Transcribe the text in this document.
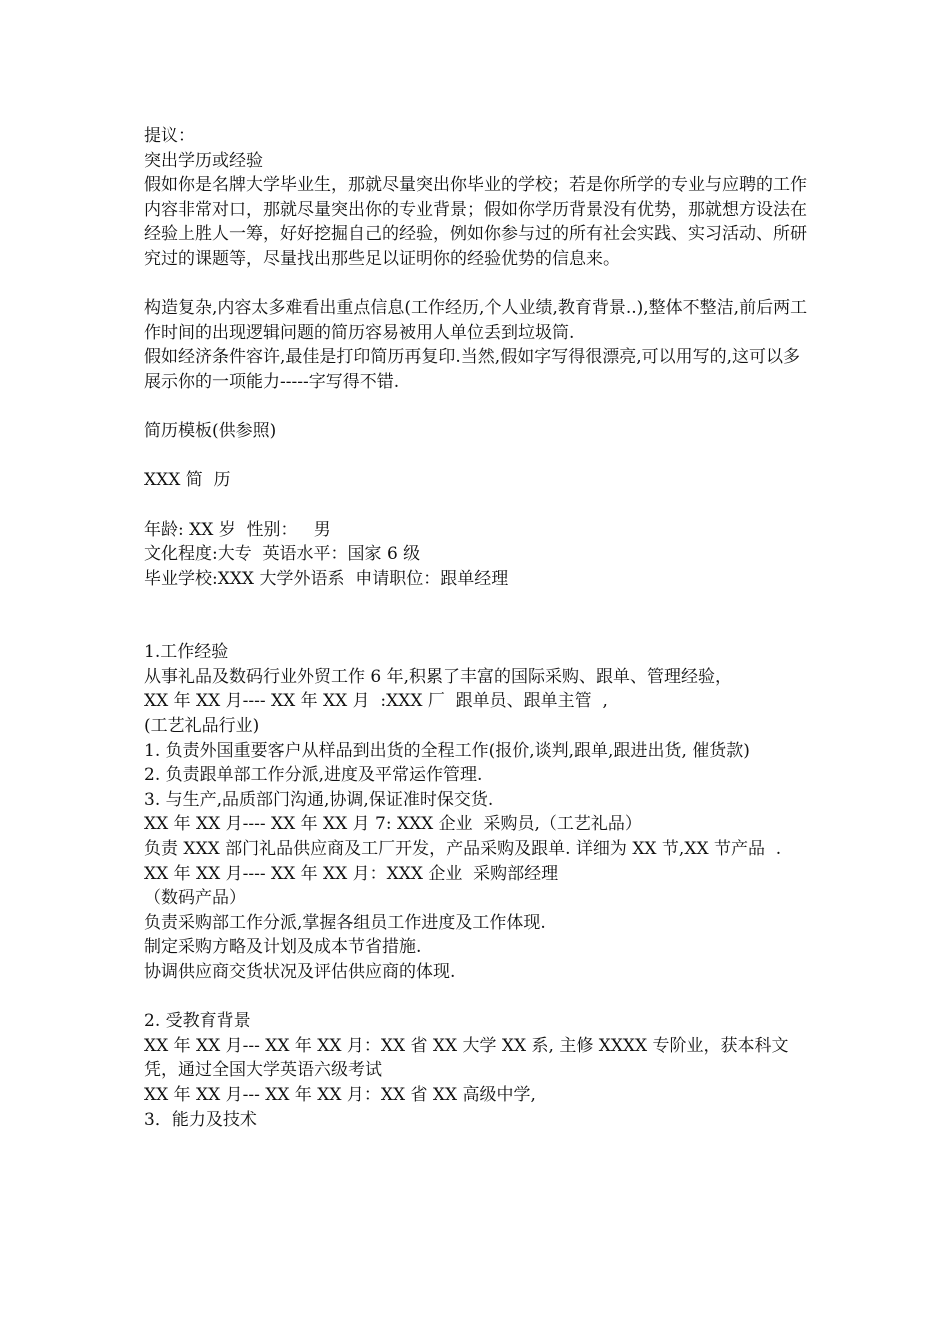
提议：

突出学历或经验

假如你是名牌大学毕业生，那就尽量突出你毕业的学校；若是你所学的专业与应聘的工作内容非常对口，那就尽量突出你的专业背景；假如你学历背景没有优势，那就想方设法在经验上胜人一筹，好好挖掘自己的经验，例如你参与过的所有社会实践、实习活动、所研究过的课题等，尽量找出那些足以证明你的经验优势的信息来。

构造复杂,内容太多难看出重点信息(工作经历,个人业绩,教育背景..),整体不整洁,前后两工作时间的出现逻辑问题的简历容易被用人单位丢到垃圾筒.

假如经济条件容许,最佳是打印简历再复印.当然,假如字写得很漂亮,可以用写的,这可以多展示你的一项能力-----字写得不错.

简历模板(供参照)

XXX 简  历

年龄: XX 岁  性别：   男

文化程度:大专  英语水平：国家 6 级

毕业学校:XXX 大学外语系  申请职位：跟单经理

1.工作经验

从事礼品及数码行业外贸工作 6 年,积累了丰富的国际采购、跟单、管理经验，

XX 年 XX 月---- XX 年 XX 月  :XXX 厂  跟单员、跟单主管  ,

(工艺礼品行业)

1. 负责外国重要客户从样品到出货的全程工作(报价,谈判,跟单,跟进出货, 催货款)

2. 负责跟单部工作分派,进度及平常运作管理.

3. 与生产,品质部门沟通,协调,保证准时保交货.

XX 年 XX 月---- XX 年 XX 月 7: XXX 企业  采购员,（工艺礼品）

负责 XXX 部门礼品供应商及工厂开发，产品采购及跟单. 详细为 XX 节,XX 节产品  .

XX 年 XX 月---- XX 年 XX 月：XXX 企业  采购部经理

（数码产品）

负责采购部工作分派,掌握各组员工作进度及工作体现.

制定采购方略及计划及成本节省措施.

协调供应商交货状况及评估供应商的体现.

2. 受教育背景

XX 年 XX 月--- XX 年 XX 月：XX 省 XX 大学 XX 系, 主修 XXXX 专阶业，获本科文凭，通过全国大学英语六级考试

XX 年 XX 月--- XX 年 XX 月：XX 省 XX 高级中学,

3．能力及技术
